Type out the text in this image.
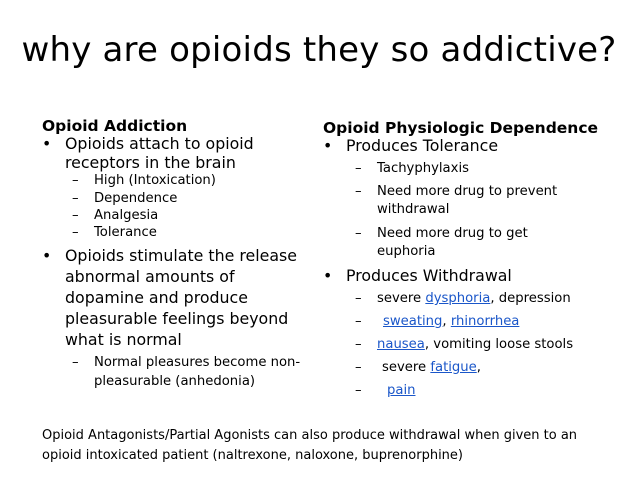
why are opioids they so addictive?
Opioid Addiction
• Opioids attach to opioid
receptors in the brain
– High (Intoxication)
– Dependence
– Analgesia
– Tolerance
• Opioids stimulate the release
abnormal amounts of
dopamine and produce
pleasurable feelings beyond
what is normal
– Normal pleasures become non-
pleasurable (anhedonia)
Opioid Physiologic Dependence
• Produces Tolerance
– Tachyphylaxis
– Need more drug to prevent
withdrawal
– Need more drug to get
euphoria
• Produces Withdrawal
– severe dysphoria, depression
– sweating, rhinorrhea
– nausea, vomiting loose stools
– severe fatigue,
– pain
Opioid Antagonists/Partial Agonists can also produce withdrawal when given to an
opioid intoxicated patient (naltrexone, naloxone, buprenorphine)
